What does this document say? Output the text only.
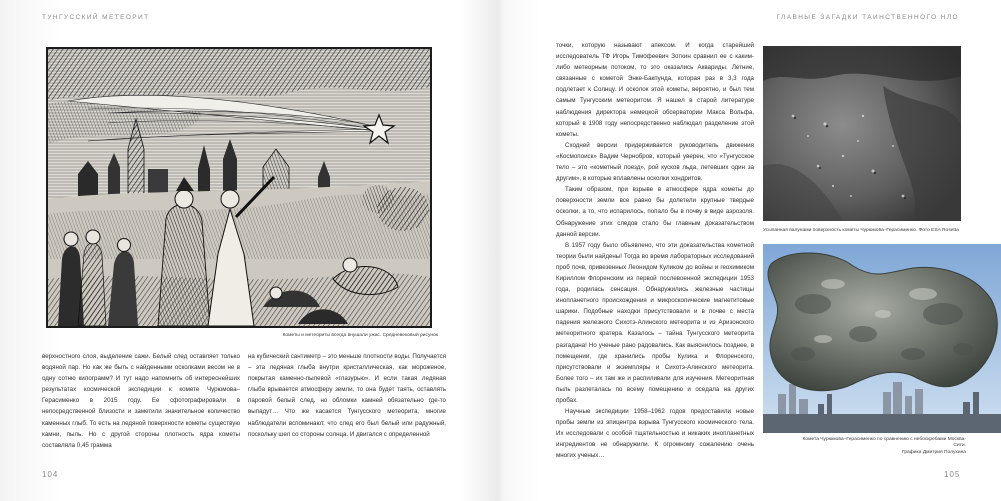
ТУНГУССКИЙ МЕТЕОРИТ
Кометы и метеориты всегда внушали ужас. Средневековый рисунок

верхностного слоя, выделение сажи. Белый след оставляет только водяной пар. Но как же быть с найденными осколками весом не в одну сотню килограмм? И тут надо напомнить об интереснейших результатах космической экспедиции к комете Чурюмова–Герасименко в 2015 году. Ее сфотографировали в непосредственной близости и заметили значительное количество каменных глыб. То есть на ледяной поверхности кометы существую камни, пыль. Но с другой стороны плотность ядра кометы составляла 0,45 грамма

на кубический сантиметр – это меньше плотности воды. Получается – эта ледяная глыба внутри кристаллическая, как мороженое, покрытая каменно-пылевой «глазурью». И если такая ледяная глыба врывается атмосферу земли, то она будет таять, оставлять паровой белый след, но обломки камней обязательно где-то выпадут… Что же касается Тунгусского метеорита, многие наблюдатели вспоминают, что след его был белый или радужный, поскольку шел со стороны солнца. И двигался с определенной

104
ГЛАВНЫЕ ЗАГАДКИ ТАИНСТВЕННОГО НЛО

точки, которую называют апексом. И когда старейший исследователь ТФ Игорь Тимофеевич Зоткин сравнил ее с каким-либо метеорным потоком, то это оказались Аквариды. Летние, связанные с кометой Энке-Бакпунда, которая раз в 3,3 года подлетает к Солнцу. И осколок этой кометы, вероятно, и был тем самым Тунгусским метеоритом. Я нашел в старой литературе наблюдения директора немецкой обсерватории Макса Вольфа, который в 1908 году непосредственно наблюдал разделение этой кометы.

Сходней версии придерживается руководитель движения «Космопоиск» Вадим Чернобров, который уверен, что «Тунгусское тело – это «кометный поезд», рой кусков льда, летевших один за другим», в которые вплавлены осколки хондритов.

Таким образом, при взрыве в атмосфере ядра кометы до поверхности земли все равно бы долетели крупные твердые осколки, а то, что испарилось, попало бы в почву в виде аэрозоля. Обнаружение этих следов стало бы главным доказательством данной версии.

В 1957 году было объявлено, что эти доказательства кометной теории были найдены! Тогда во время лабораторных исследований проб почв, привезенных Леонидом Куликом до войны и геохимиком Кириллом Флоренским из первой послевоенной экспедиции 1953 года, родилась сенсация. Обнаружились железные частицы инопланетного происхождения и микроскопические магнетитовые шарики. Подобные находки присутствовали и в почве с места падения железного Сихотэ-Алинского метеорита и из Аризонского метеоритного кратера. Казалось – тайна Тунгусского метеорита разгадана! Но ученые рано радовались. Как выяснилось позднее, в помещении, где хранились пробы Кулика и Флоренского, присутствовали и экземпляры и Сихотэ-Алинского метеорита. Более того – их там же и распиливали для изучения. Метеоритная пыль разлеталась по всему помещению и оседала на других пробах.

Научные экспедиции 1958–1962 годов предоставили новые пробы земли из эпицентра взрыва Тунгусского космического тела. Их исследовали с особой тщательностью и никаких инопланетных ингредиентов не обнаружили. К огромному сожалению очень многих ученых…

Усыпанная валунами поверхность кометы Чурюмова–Герасименко. Фото ESA Rosetta
Комета Чурюмова–Герасименко по сравнению с небоскребами Москва-Сити.
Графика Дмитрия Полухина
105
